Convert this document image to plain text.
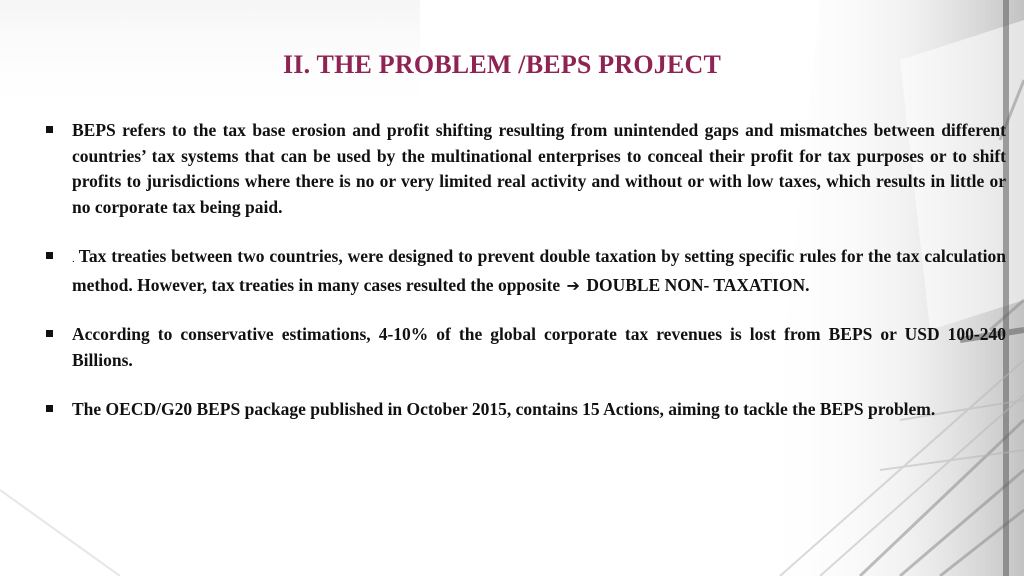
II. THE PROBLEM /BEPS PROJECT
BEPS refers to the tax base erosion and profit shifting resulting from unintended gaps and mismatches between different countries’ tax systems that can be used by the multinational enterprises to conceal their profit for tax purposes or to shift profits to jurisdictions where there is no or very limited real activity and without or with low taxes, which results in little or no corporate tax being paid.
. Tax treaties between two countries, were designed to prevent double taxation by setting specific rules for the tax calculation method. However, tax treaties in many cases resulted the opposite ➔ DOUBLE NON- TAXATION.
According to conservative estimations, 4-10% of the global corporate tax revenues is lost from BEPS or USD 100-240 Billions.
The OECD/G20 BEPS package published in October 2015, contains 15 Actions, aiming to tackle the BEPS problem.
